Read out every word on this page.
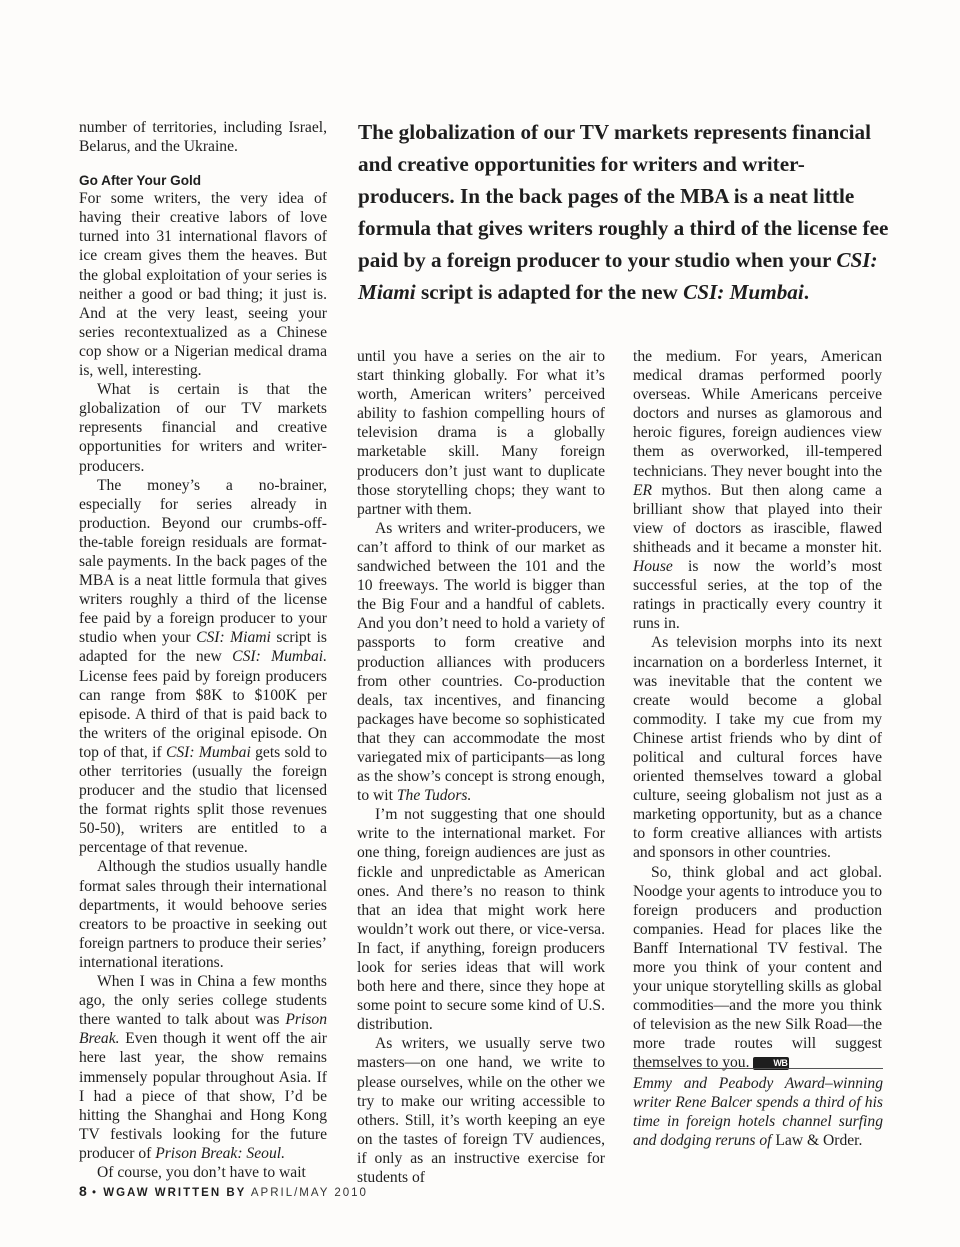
The globalization of our TV markets represents financial and creative opportunities for writers and writer-producers. In the back pages of the MBA is a neat little formula that gives writers roughly a third of the license fee paid by a foreign producer to your studio when your CSI: Miami script is adapted for the new CSI: Mumbai.

number of territories, including Israel, Belarus, and the Ukraine.

Go After Your Gold

For some writers, the very idea of having their creative labors of love turned into 31 international flavors of ice cream gives them the heaves. But the global exploitation of your series is neither a good or bad thing; it just is. And at the very least, seeing your series recontextualized as a Chinese cop show or a Nigerian medical drama is, well, interesting.

What is certain is that the globalization of our TV markets represents financial and creative opportunities for writers and writer-producers.

The money’s a no-brainer, especially for series already in production. Beyond our crumbs-off-the-table foreign residuals are format-sale payments. In the back pages of the MBA is a neat little formula that gives writers roughly a third of the license fee paid by a foreign producer to your studio when your CSI: Miami script is adapted for the new CSI: Mumbai. License fees paid by foreign producers can range from $8K to $100K per episode. A third of that is paid back to the writers of the original episode. On top of that, if CSI: Mumbai gets sold to other territories (usually the foreign producer and the studio that licensed the format rights split those revenues 50-50), writers are entitled to a percentage of that revenue.

Although the studios usually handle format sales through their international departments, it would behoove series creators to be proactive in seeking out foreign partners to produce their series’ international iterations.

When I was in China a few months ago, the only series college students there wanted to talk about was Prison Break. Even though it went off the air here last year, the show remains immensely popular throughout Asia. If I had a piece of that show, I’d be hitting the Shanghai and Hong Kong TV festivals looking for the future producer of Prison Break: Seoul.

Of course, you don’t have to wait

until you have a series on the air to start thinking globally. For what it’s worth, American writers’ perceived ability to fashion compelling hours of television drama is a globally marketable skill. Many foreign producers don’t just want to duplicate those storytelling chops; they want to partner with them.

As writers and writer-producers, we can’t afford to think of our market as sandwiched between the 101 and the 10 freeways. The world is bigger than the Big Four and a handful of cablets. And you don’t need to hold a variety of passports to form creative and production alliances with producers from other countries. Co-production deals, tax incentives, and financing packages have become so sophisticated that they can accommodate the most variegated mix of participants—as long as the show’s concept is strong enough, to wit The Tudors.

I’m not suggesting that one should write to the international market. For one thing, foreign audiences are just as fickle and unpredictable as American ones. And there’s no reason to think that an idea that might work here wouldn’t work out there, or vice-versa. In fact, if anything, foreign producers look for series ideas that will work both here and there, since they hope at some point to secure some kind of U.S. distribution.

As writers, we usually serve two masters—on one hand, we write to please ourselves, while on the other we try to make our writing accessible to others. Still, it’s worth keeping an eye on the tastes of foreign TV audiences, if only as an instructive exercise for students of

the medium. For years, American medical dramas performed poorly overseas. While Americans perceive doctors and nurses as glamorous and heroic figures, foreign audiences view them as overworked, ill-tempered technicians. They never bought into the ER mythos. But then along came a brilliant show that played into their view of doctors as irascible, flawed shitheads and it became a monster hit. House is now the world’s most successful series, at the top of the ratings in practically every country it runs in.

As television morphs into its next incarnation on a borderless Internet, it was inevitable that the content we create would become a global commodity. I take my cue from my Chinese artist friends who by dint of political and cultural forces have oriented themselves toward a global culture, seeing globalism not just as a marketing opportunity, but as a chance to form creative alliances with artists and sponsors in other countries.

So, think global and act global. Noodge your agents to introduce you to foreign producers and production companies. Head for places like the Banff International TV festival. The more you think of your content and your unique storytelling skills as global commodities—and the more you think of television as the new Silk Road—the more trade routes will suggest themselves to you.	WB

Emmy and Peabody Award–winning writer Rene Balcer spends a third of his time in foreign hotels channel surfing and dodging reruns of Law & Order.
8 • WGAW WRITTEN BY APRIL/MAY 2010
